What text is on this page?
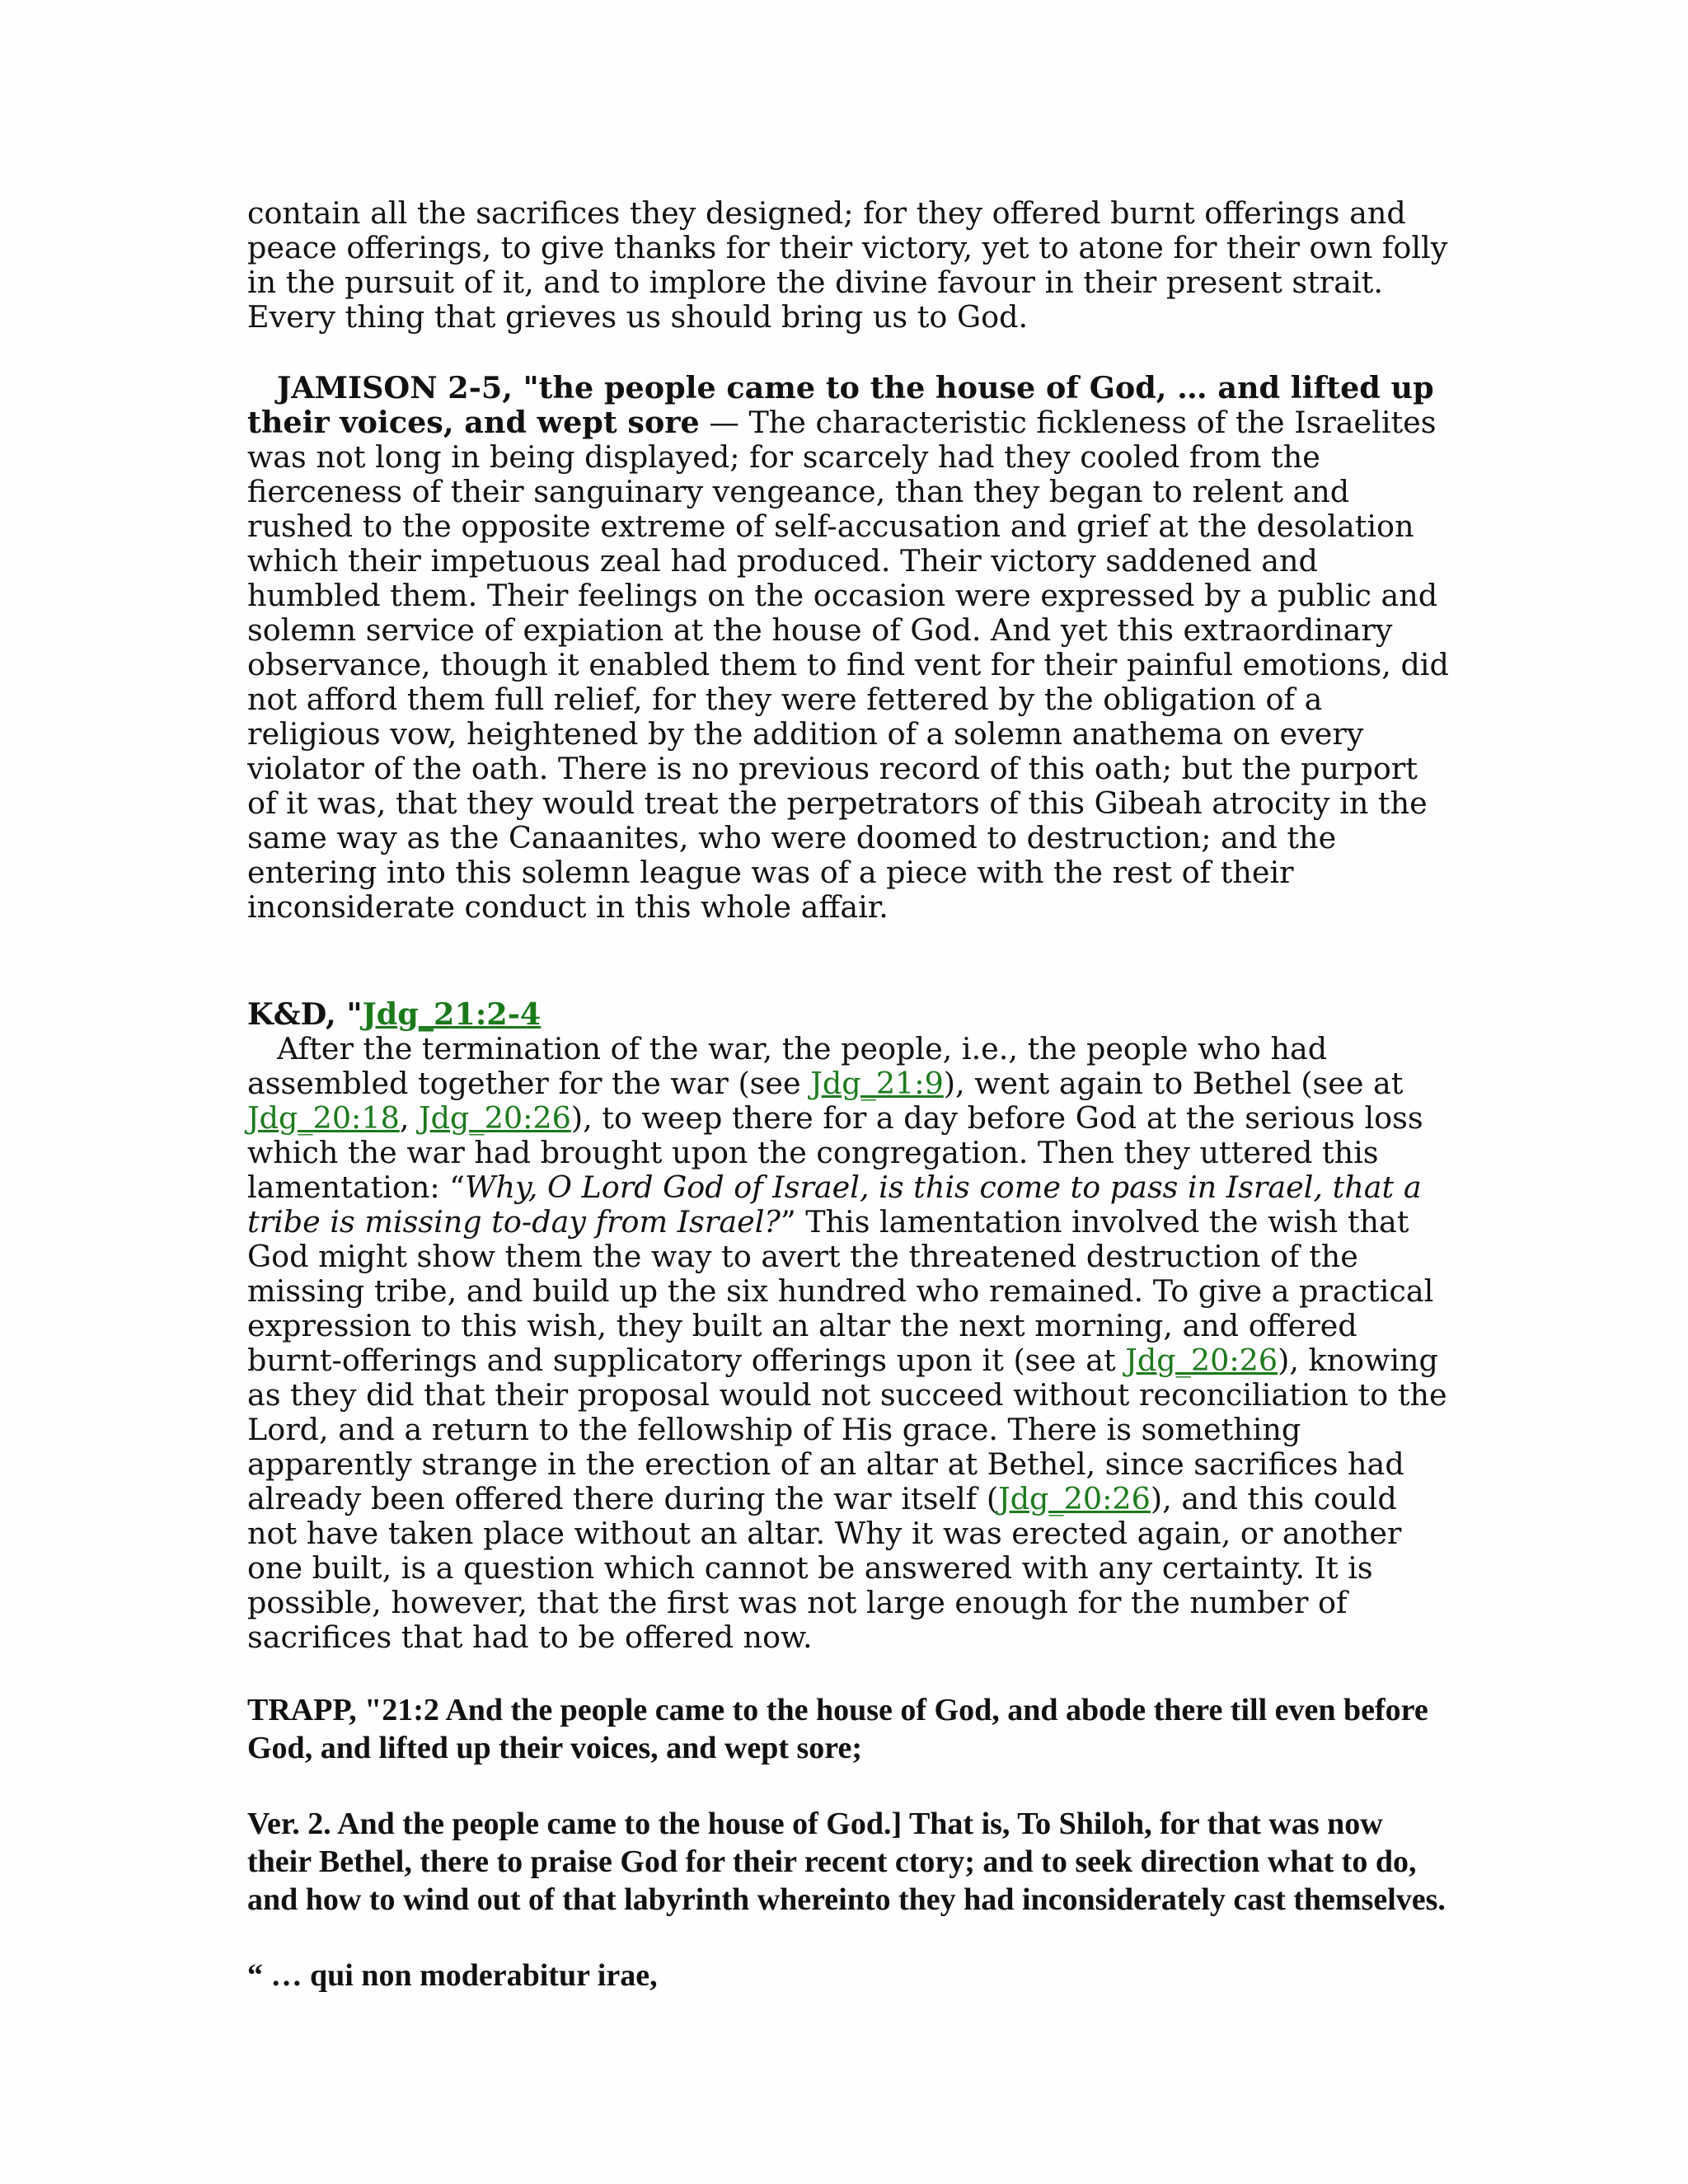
contain all the sacrifices they designed; for they offered burnt offerings and peace offerings, to give thanks for their victory, yet to atone for their own folly in the pursuit of it, and to implore the divine favour in their present strait. Every thing that grieves us should bring us to God.

JAMISON 2-5, "the people came to the house of God, … and lifted up their voices, and wept sore — The characteristic fickleness of the Israelites was not long in being displayed; for scarcely had they cooled from the fierceness of their sanguinary vengeance, than they began to relent and rushed to the opposite extreme of self-accusation and grief at the desolation which their impetuous zeal had produced. Their victory saddened and humbled them. Their feelings on the occasion were expressed by a public and solemn service of expiation at the house of God. And yet this extraordinary observance, though it enabled them to find vent for their painful emotions, did not afford them full relief, for they were fettered by the obligation of a religious vow, heightened by the addition of a solemn anathema on every violator of the oath. There is no previous record of this oath; but the purport of it was, that they would treat the perpetrators of this Gibeah atrocity in the same way as the Canaanites, who were doomed to destruction; and the entering into this solemn league was of a piece with the rest of their inconsiderate conduct in this whole affair.

K&D, "Jdg_21:2-4

After the termination of the war, the people, i.e., the people who had assembled together for the war (see Jdg_21:9), went again to Bethel (see at Jdg_20:18, Jdg_20:26), to weep there for a day before God at the serious loss which the war had brought upon the congregation. Then they uttered this lamentation: “Why, O Lord God of Israel, is this come to pass in Israel, that a tribe is missing to-day from Israel?” This lamentation involved the wish that God might show them the way to avert the threatened destruction of the missing tribe, and build up the six hundred who remained. To give a practical expression to this wish, they built an altar the next morning, and offered burnt-offerings and supplicatory offerings upon it (see at Jdg_20:26), knowing as they did that their proposal would not succeed without reconciliation to the Lord, and a return to the fellowship of His grace. There is something apparently strange in the erection of an altar at Bethel, since sacrifices had already been offered there during the war itself (Jdg_20:26), and this could not have taken place without an altar. Why it was erected again, or another one built, is a question which cannot be answered with any certainty. It is possible, however, that the first was not large enough for the number of sacrifices that had to be offered now.

TRAPP, "21:2 And the people came to the house of God, and abode there till even before God, and lifted up their voices, and wept sore;

Ver. 2. And the people came to the house of God.] That is, To Shiloh, for that was now their Bethel, there to praise God for their recent ctory; and to seek direction what to do, and how to wind out of that labyrinth whereinto they had inconsiderately cast themselves.

“ … qui non moderabitur irae,
